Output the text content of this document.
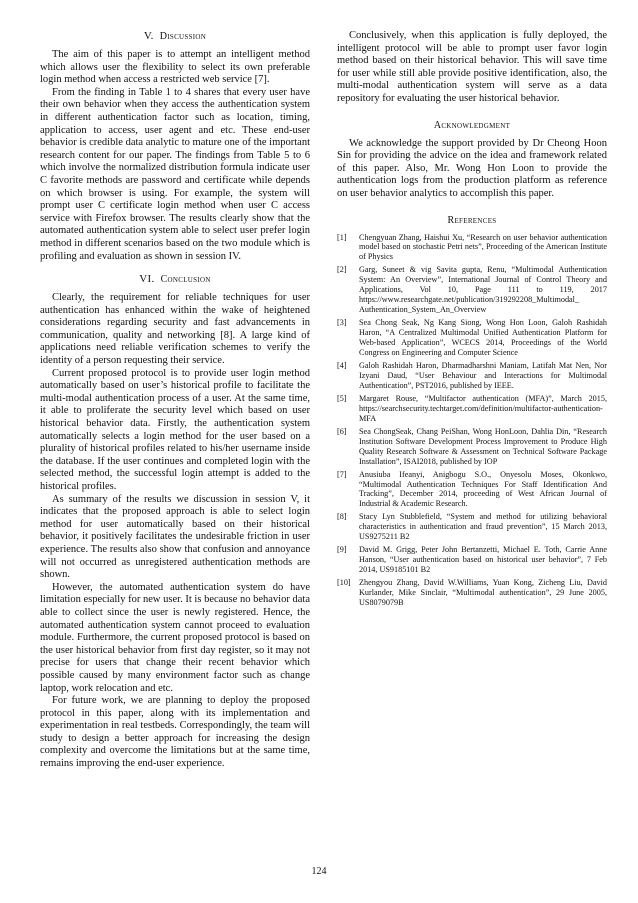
V. Discussion

The aim of this paper is to attempt an intelligent method which allows user the flexibility to select its own preferable login method when access a restricted web service [7].

From the finding in Table 1 to 4 shares that every user have their own behavior when they access the authentication system in different authentication factor such as location, timing, application to access, user agent and etc. These end-user behavior is credible data analytic to mature one of the important research content for our paper. The findings from Table 5 to 6 which involve the normalized distribution formula indicate user C favorite methods are password and certificate while depends on which browser is using. For example, the system will prompt user C certificate login method when user C access service with Firefox browser. The results clearly show that the automated authentication system able to select user prefer login method in different scenarios based on the two module which is profiling and evaluation as shown in session IV.

VI. Conclusion

Clearly, the requirement for reliable techniques for user authentication has enhanced within the wake of heightened considerations regarding security and fast advancements in communication, quality and networking [8]. A large kind of applications need reliable verification schemes to verify the identity of a person requesting their service.

Current proposed protocol is to provide user login method automatically based on user’s historical profile to facilitate the multi-modal authentication process of a user. At the same time, it able to proliferate the security level which based on user historical behavior data. Firstly, the authentication system automatically selects a login method for the user based on a plurality of historical profiles related to his/her username inside the database. If the user continues and completed login with the selected method, the successful login attempt is added to the historical profiles.

As summary of the results we discussion in session V, it indicates that the proposed approach is able to select login method for user automatically based on their historical behavior, it positively facilitates the undesirable friction in user experience. The results also show that confusion and annoyance will not occurred as unregistered authentication methods are shown.

However, the automated authentication system do have limitation especially for new user. It is because no behavior data able to collect since the user is newly registered. Hence, the automated authentication system cannot proceed to evaluation module. Furthermore, the current proposed protocol is based on the user historical behavior from first day register, so it may not precise for users that change their recent behavior which possible caused by many environment factor such as change laptop, work relocation and etc.

For future work, we are planning to deploy the proposed protocol in this paper, along with its implementation and experimentation in real testbeds. Correspondingly, the team will study to design a better approach for increasing the design complexity and overcome the limitations but at the same time, remains improving the end-user experience.

Conclusively, when this application is fully deployed, the intelligent protocol will be able to prompt user favor login method based on their historical behavior. This will save time for user while still able provide positive identification, also, the multi-modal authentication system will serve as a data repository for evaluating the user historical behavior.

Acknowledgment

We acknowledge the support provided by Dr Cheong Hoon Sin for providing the advice on the idea and framework related of this paper. Also, Mr. Wong Hon Loon to provide the authentication logs from the production platform as reference on user behavior analytics to accomplish this paper.

References
[1]	Chengyuan Zhang, Haishui Xu, “Research on user behavior authentication model based on stochastic Petri nets”, Proceeding of the American Institute of Physics
[2]	Garg, Suneet & vig Savita gupta, Renu, “Multimodal Authentication System: An Overview”, International Journal of Control Theory and Applications, Vol 10, Page 111 to 119, 2017 https://www.researchgate.net/publication/319292208_Multimodal_ Authentication_System_An_Overview
[3]	Sea Chong Seak, Ng Kang Siong, Wong Hon Loon, Galoh Rashidah Haron, “A Centralized Multimodal Unified Authentication Platform for Web-based Application”, WCECS 2014, Proceedings of the World Congress on Engineering and Computer Science
[4]	Galoh Rashidah Haron, Dharmadharshni Maniam, Latifah Mat Nen, Nor Izyani Daud, “User Behaviour and Interactions for Multimodal Authentication”, PST2016, published by IEEE.
[5]	Margaret Rouse, “Multifactor authentication (MFA)”, March 2015, https://searchsecurity.techtarget.com/definition/multifactor-authentication-MFA
[6]	Sea ChongSeak, Chang PeiShan, Wong HonLoon, Dahlia Din, “Research Institution Software Development Process Improvement to Produce High Quality Research Software & Assessment on Technical Software Package Installation”, ISAI2018, published by IOP
[7]	Anusiuba Ifeanyi, Anigbogu S.O., Onyesolu Moses, Okonkwo, “Multimodal Authentication Techniques For Staff Identification And Tracking”, December 2014, proceeding of West African Journal of Industrial & Academic Research.
[8]	Stacy Lyn Stubblefield, “System and method for utilizing behavioral characteristics in authentication and fraud prevention”, 15 March 2013, US9275211 B2
[9]	David M. Grigg, Peter John Bertanzetti, Michael E. Toth, Carrie Anne Hanson, “User authentication based on historical user behavior”, 7 Feb 2014, US9185101 B2
[10]	Zhengyou Zhang, David W.Williams, Yuan Kong, Zicheng Liu, David Kurlander, Mike Sinclair, “Multimodal authentication”, 29 June 2005, US8079079B
124
